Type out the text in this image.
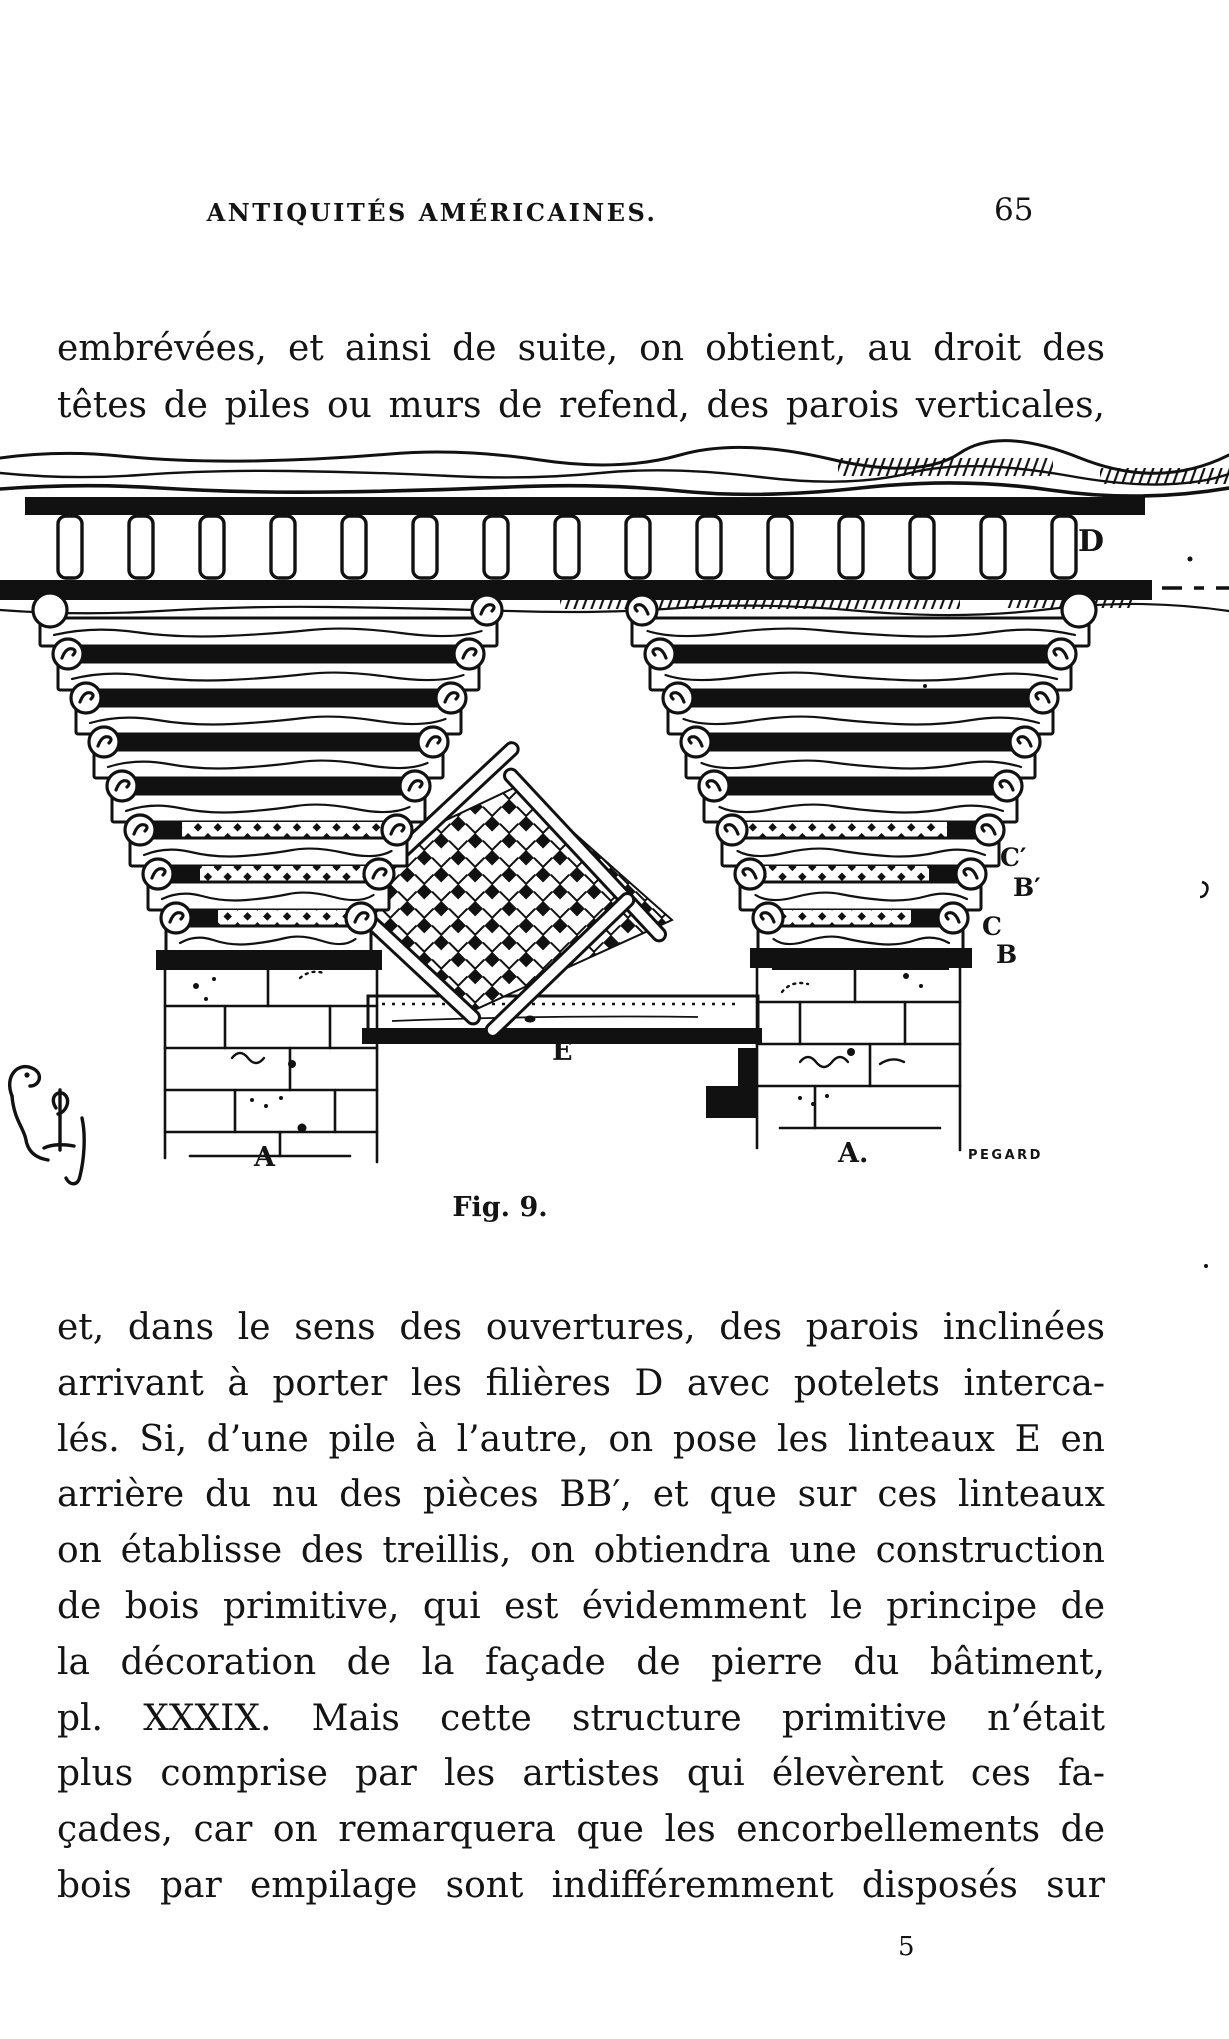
ANTIQUITÉS AMÉRICAINES.	65
embrévées, et ainsi de suite, on obtient, au droit des
têtes de piles ou murs de refend, des parois verticales,
D
C′
B′
C
B
E
A	A.	PEGARD
Fig. 9.
et, dans le sens des ouvertures, des parois inclinées
arrivant à porter les filières D avec potelets interca-
lés. Si, d’une pile à l’autre, on pose les linteaux E en
arrière du nu des pièces BB′, et que sur ces linteaux
on établisse des treillis, on obtiendra une construction
de bois primitive, qui est évidemment le principe de
la décoration de la façade de pierre du bâtiment,
pl. XXXIX. Mais cette structure primitive n’était
plus comprise par les artistes qui élevèrent ces fa-
çades, car on remarquera que les encorbellements de
bois par empilage sont indifféremment disposés sur
5
